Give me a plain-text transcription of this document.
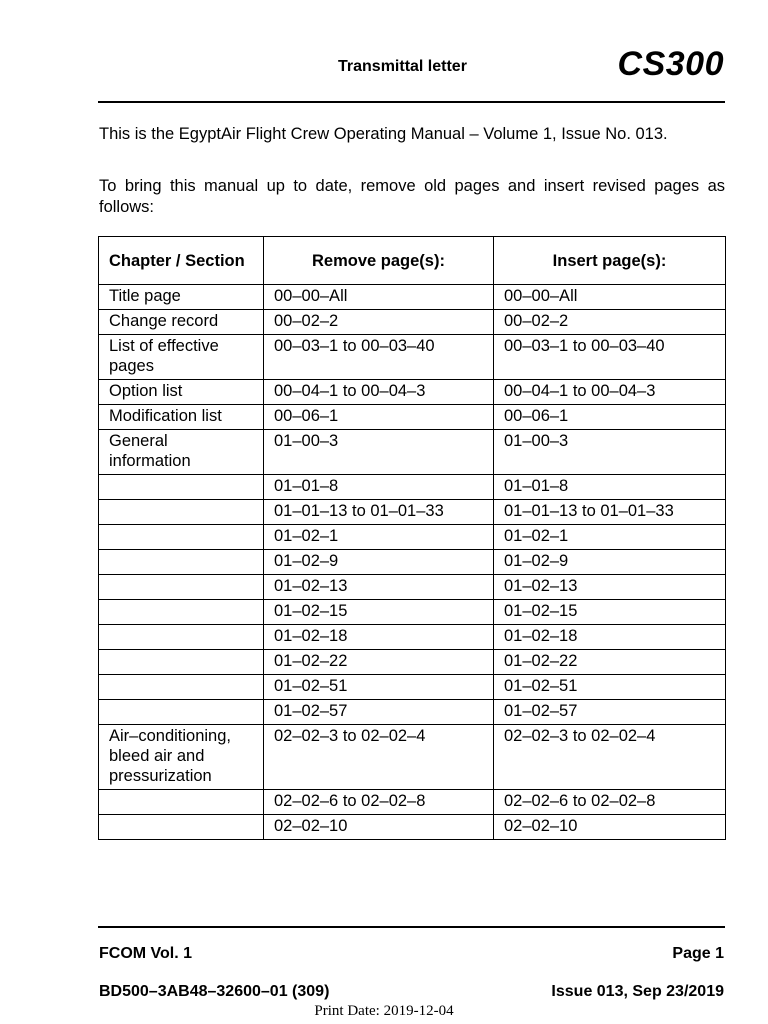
Transmittal letter	CS300

This is the EgyptAir Flight Crew Operating Manual – Volume 1, Issue No. 013.

To bring this manual up to date, remove old pages and insert revised pages as follows:

Chapter / Section	Remove page(s):	Insert page(s):
Title page	00–00–All	00–00–All
Change record	00–02–2	00–02–2
List of effective pages	00–03–1 to 00–03–40	00–03–1 to 00–03–40
Option list	00–04–1 to 00–04–3	00–04–1 to 00–04–3
Modification list	00–06–1	00–06–1
General information	01–00–3	01–00–3
	01–01–8	01–01–8
	01–01–13 to 01–01–33	01–01–13 to 01–01–33
	01–02–1	01–02–1
	01–02–9	01–02–9
	01–02–13	01–02–13
	01–02–15	01–02–15
	01–02–18	01–02–18
	01–02–22	01–02–22
	01–02–51	01–02–51
	01–02–57	01–02–57
Air–conditioning, bleed air and pressurization	02–02–3 to 02–02–4	02–02–3 to 02–02–4
	02–02–6 to 02–02–8	02–02–6 to 02–02–8
	02–02–10	02–02–10
FCOM Vol. 1	Page 1
BD500–3AB48–32600–01 (309)	Issue 013, Sep 23/2019
Print Date: 2019-12-04
